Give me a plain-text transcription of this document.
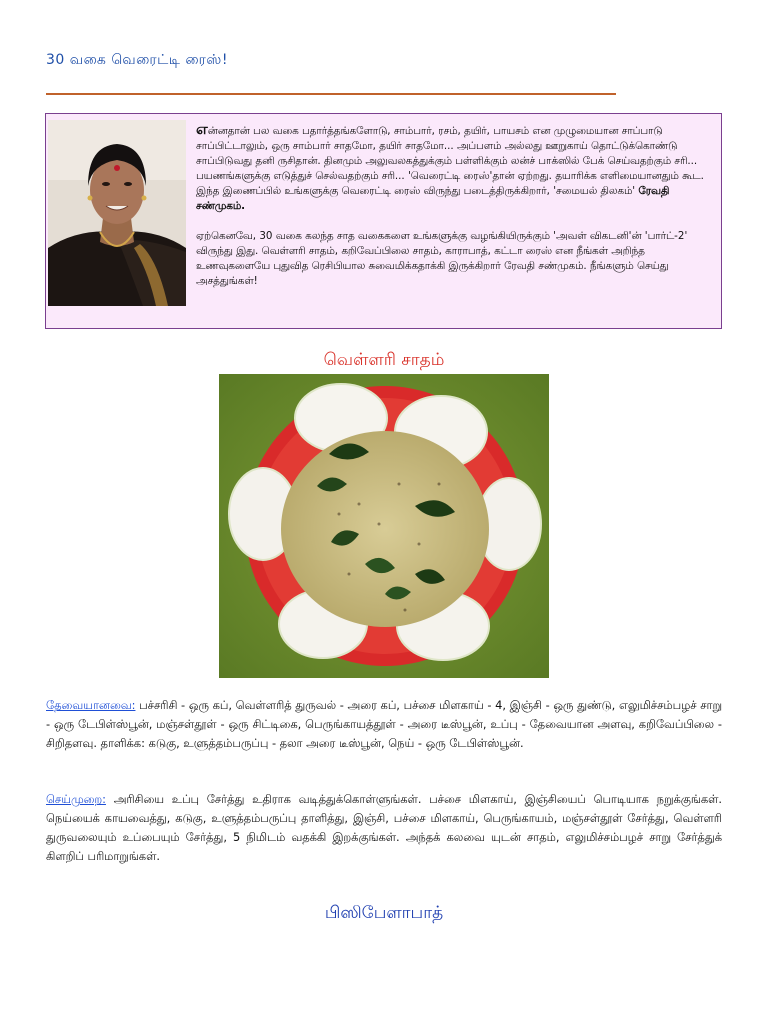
30 வகை வெரைட்டி ரைஸ்!

என்னதான் பல வகை பதார்த்தங்களோடு, சாம்பார், ரசம், தயிர், பாயசம் என முழுமையான சாப்பாடு சாப்பிட்டாலும், ஒரு சாம்பார் சாதமோ, தயிர் சாதமோ... அப்பளம் அல்லது ஊறுகாய் தொட்டுக்கொண்டு சாப்பிடுவது தனி ருசிதான். தினமும் அலுவலகத்துக்கும் பள்ளிக்கும் லன்ச் பாக்ஸில் பேக் செய்வதற்கும் சரி... பயணங்களுக்கு எடுத்துச் செல்வதற்கும் சரி... 'வெரைட்டி ரைஸ்'தான் ஏற்றது. தயாரிக்க எளிமையானதும் கூட. இந்த இணைப்பில் உங்களுக்கு வெரைட்டி ரைஸ் விருந்து படைத்திருக்கிறார், 'சமையல் திலகம்' ரேவதி சண்முகம்.

ஏற்கெனவே, 30 வகை கலந்த சாத வகைகளை உங்களுக்கு வழங்கியிருக்கும் 'அவள் விகடனி'ன் 'பார்ட்-2' விருந்து இது. வெள்ளரி சாதம், கறிவேப்பிலை சாதம், காராபாத், கட்டா ரைஸ் என நீங்கள் அறிந்த உணவுகளையே புதுவித ரெசிபியால சுவைமிக்கதாக்கி இருக்கிறார் ரேவதி சண்முகம். நீங்களும் செய்து அசத்துங்கள்!

வெள்ளரி சாதம்
தேவையானவை: பச்சரிசி - ஒரு கப், வெள்ளரித் துருவல் - அரை கப், பச்சை மிளகாய் - 4, இஞ்சி - ஒரு துண்டு, எலுமிச்சம்பழச் சாறு - ஒரு டேபிள்ஸ்பூன், மஞ்சள்தூள் - ஒரு சிட்டிகை, பெருங்காயத்தூள் - அரை டீஸ்பூன், உப்பு - தேவையான அளவு, கறிவேப்பிலை - சிறிதளவு. தாளிக்க: கடுகு, உளுத்தம்பருப்பு - தலா அரை டீஸ்பூன், நெய் - ஒரு டேபிள்ஸ்பூன்.
செய்முறை: அரிசியை உப்பு சேர்த்து உதிராக வடித்துக்கொள்ளுங்கள். பச்சை மிளகாய், இஞ்சியைப் பொடியாக நறுக்குங்கள். நெய்யைக் காயவைத்து, கடுகு, உளுத்தம்பருப்பு தாளித்து, இஞ்சி, பச்சை மிளகாய், பெருங்காயம், மஞ்சள்தூள் சேர்த்து, வெள்ளரி துருவலையும் உப்பையும் சேர்த்து, 5 நிமிடம் வதக்கி இறக்குங்கள். அந்தக் கலவை யுடன் சாதம், எலுமிச்சம்பழச் சாறு சேர்த்துக் கிளறிப் பரிமாறுங்கள்.
பிஸிபேளாபாத்
